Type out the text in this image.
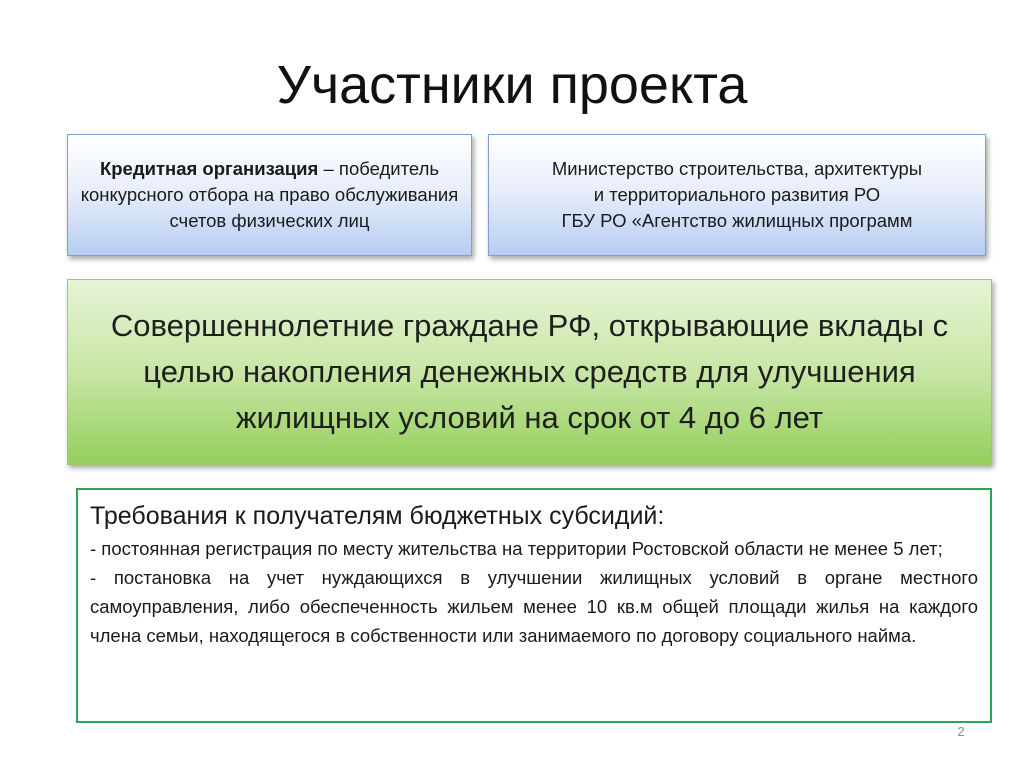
Участники проекта
Кредитная организация – победитель конкурсного отбора на право обслуживания счетов физических лиц
Министерство строительства, архитектуры
и территориального развития РО
ГБУ РО «Агентство жилищных программ
Совершеннолетние граждане РФ, открывающие вклады с целью накопления денежных средств для улучшения жилищных условий на срок от 4 до 6 лет
Требования к получателям бюджетных субсидий:
- постоянная регистрация по месту жительства на территории Ростовской области не менее 5 лет;
- постановка на учет нуждающихся в улучшении жилищных условий в органе местного самоуправления, либо обеспеченность жильем менее 10 кв.м общей площади жилья на каждого члена семьи, находящегося в собственности или занимаемого по договору социального найма.
2
